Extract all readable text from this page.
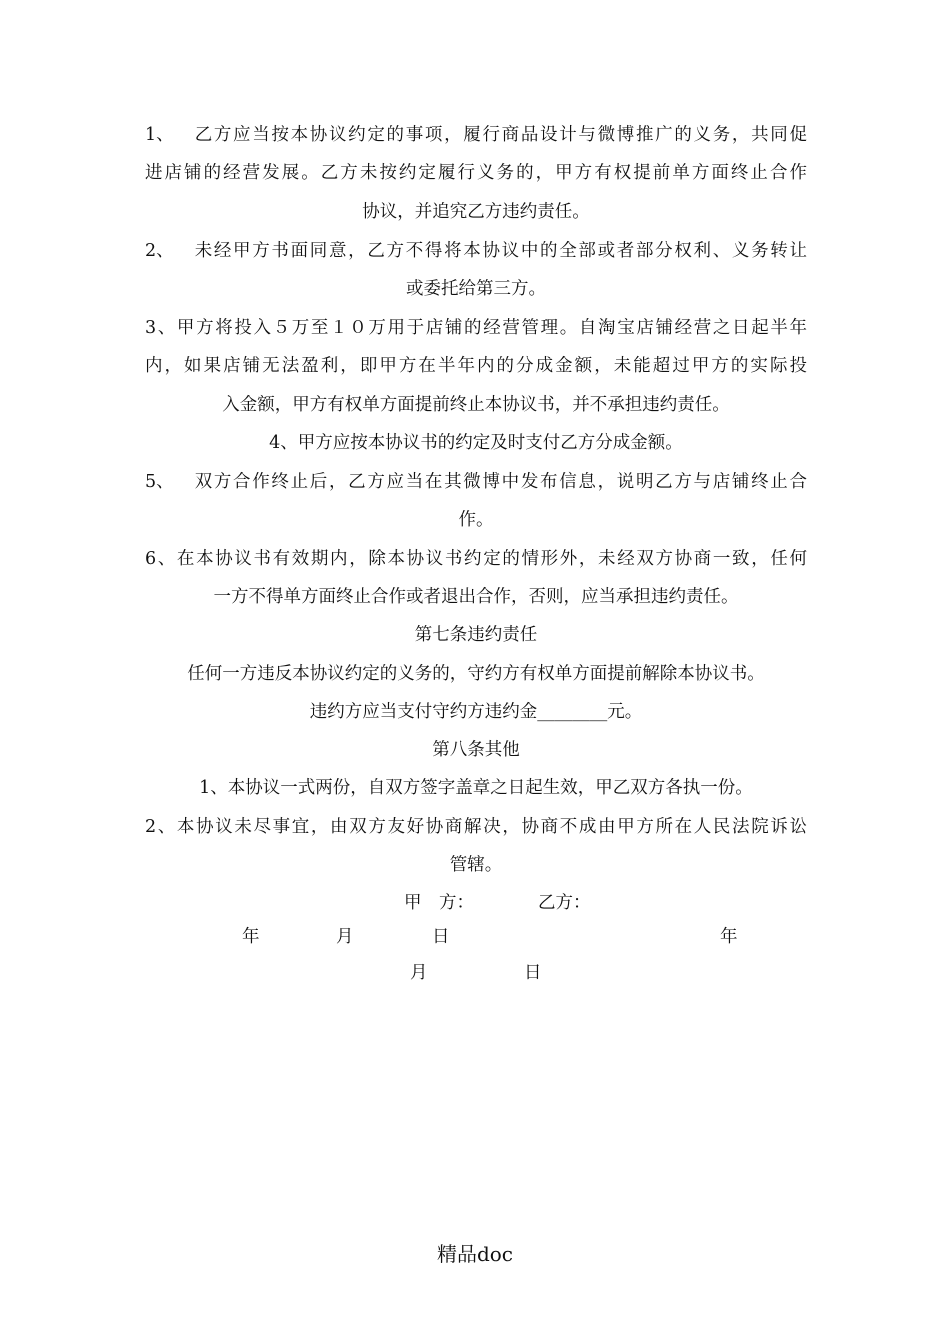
1、 乙方应当按本协议约定的事项，履行商品设计与微博推广的义务，共同促
进店铺的经营发展。乙方未按约定履行义务的，甲方有权提前单方面终止合作
协议，并追究乙方违约责任。
2、 未经甲方书面同意，乙方不得将本协议中的全部或者部分权利、义务转让
或委托给第三方。
3、甲方将投入５万至１０万用于店铺的经营管理。自淘宝店铺经营之日起半年
内，如果店铺无法盈利，即甲方在半年内的分成金额，未能超过甲方的实际投
入金额，甲方有权单方面提前终止本协议书，并不承担违约责任。
4、甲方应按本协议书的约定及时支付乙方分成金额。
5、 双方合作终止后，乙方应当在其微博中发布信息，说明乙方与店铺终止合
作。
6、在本协议书有效期内，除本协议书约定的情形外，未经双方协商一致，任何
一方不得单方面终止合作或者退出合作，否则，应当承担违约责任。
第七条违约责任
任何一方违反本协议约定的义务的，守约方有权单方面提前解除本协议书。
违约方应当支付守约方违约金________元。
第八条其他
1、本协议一式两份，自双方签字盖章之日起生效，甲乙双方各执一份。
2、本协议未尽事宜，由双方友好协商解决，协商不成由甲方所在人民法院诉讼
管辖。
甲　方：	乙方：
年	月	日	年
月	日
精品doc
